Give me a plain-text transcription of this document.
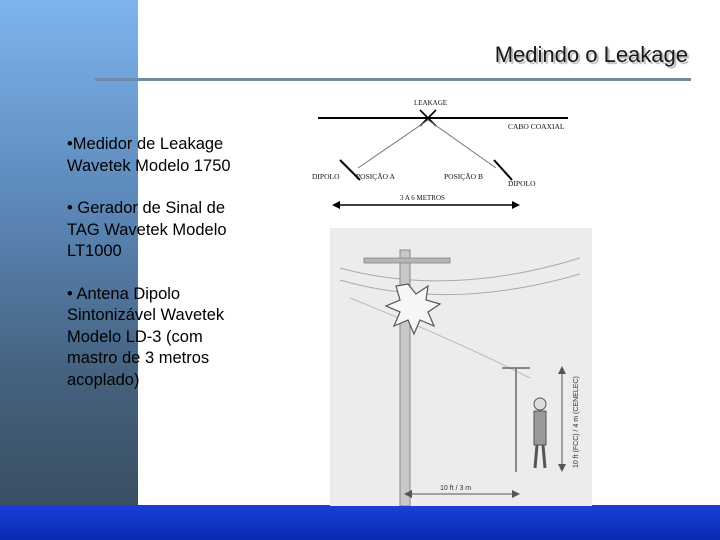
Medindo o Leakage
•Medidor de Leakage Wavetek Modelo 1750
• Gerador de Sinal de TAG Wavetek Modelo LT1000
• Antena Dipolo Sintonizável Wavetek Modelo LD-3 (com mastro de 3 metros acoplado)
LEAKAGE
CABO COAXIAL
DIPOLO POSIÇÃO A	POSIÇÃO B
DIPOLO
3 A 6 METROS
10 ft (FCC) / 4 m (CENELEC)
10 ft / 3 m
